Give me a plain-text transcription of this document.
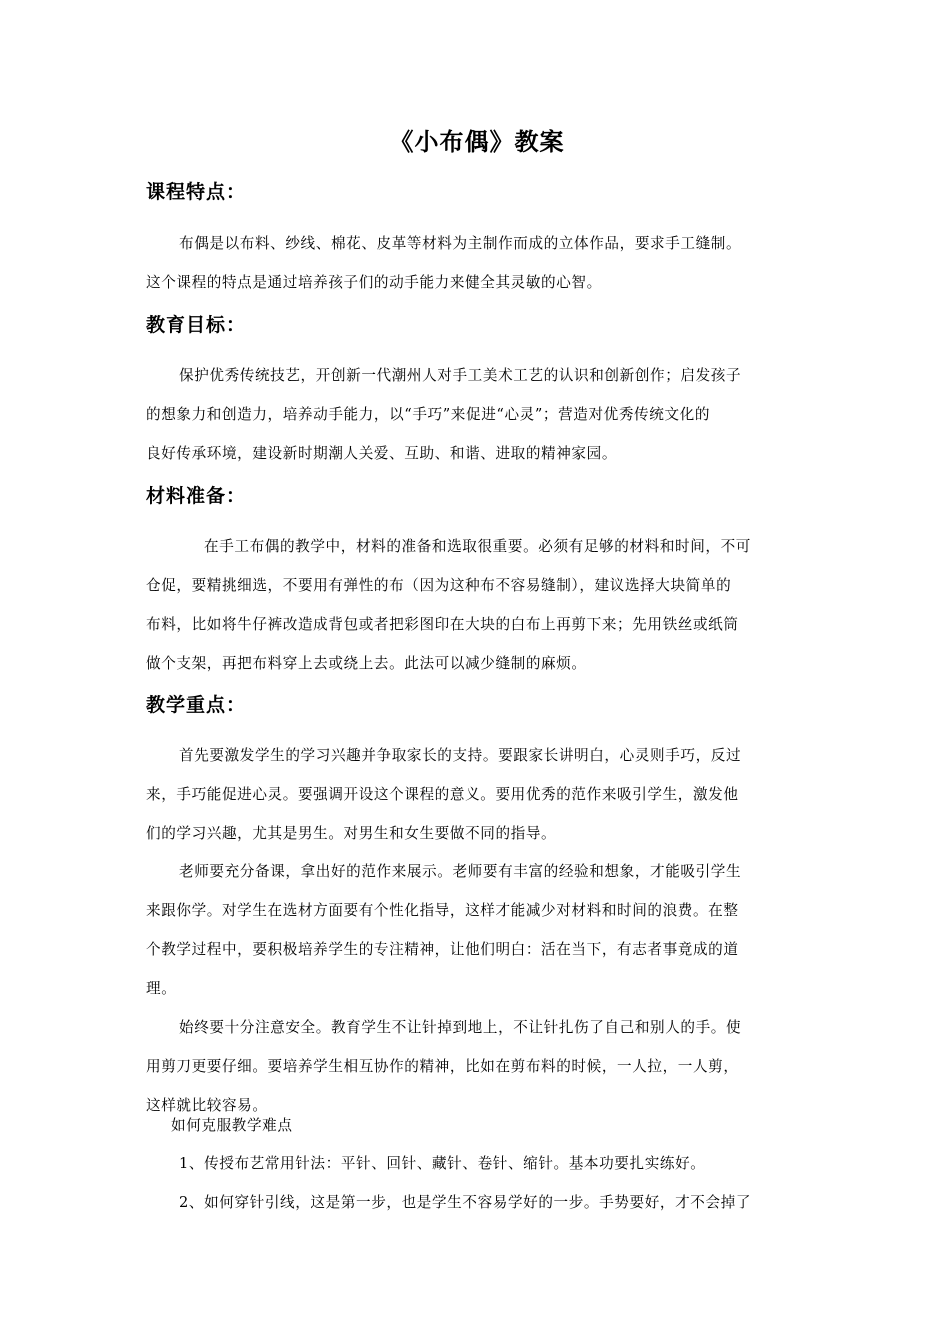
《小布偶》教案
课程特点：
布偶是以布料、纱线、棉花、皮革等材料为主制作而成的立体作品，要求手工缝制。
这个课程的特点是通过培养孩子们的动手能力来健全其灵敏的心智。
教育目标：
保护优秀传统技艺，开创新一代潮州人对手工美术工艺的认识和创新创作；启发孩子
的想象力和创造力，培养动手能力，以“手巧”来促进“心灵”；营造对优秀传统文化的
良好传承环境，建设新时期潮人关爱、互助、和谐、进取的精神家园。
材料准备：
在手工布偶的教学中，材料的准备和选取很重要。必须有足够的材料和时间，不可
仓促，要精挑细选，不要用有弹性的布（因为这种布不容易缝制），建议选择大块简单的
布料，比如将牛仔裤改造成背包或者把彩图印在大块的白布上再剪下来；先用铁丝或纸筒
做个支架，再把布料穿上去或绕上去。此法可以减少缝制的麻烦。
教学重点：
首先要激发学生的学习兴趣并争取家长的支持。要跟家长讲明白，心灵则手巧，反过
来，手巧能促进心灵。要强调开设这个课程的意义。要用优秀的范作来吸引学生，激发他
们的学习兴趣，尤其是男生。对男生和女生要做不同的指导。
老师要充分备课，拿出好的范作来展示。老师要有丰富的经验和想象，才能吸引学生
来跟你学。对学生在选材方面要有个性化指导，这样才能减少对材料和时间的浪费。在整
个教学过程中，要积极培养学生的专注精神，让他们明白：活在当下，有志者事竟成的道
理。
始终要十分注意安全。教育学生不让针掉到地上，不让针扎伤了自己和别人的手。使
用剪刀更要仔细。要培养学生相互协作的精神，比如在剪布料的时候，一人拉，一人剪，
这样就比较容易。
如何克服教学难点
1、传授布艺常用针法：平针、回针、藏针、卷针、缩针。基本功要扎实练好。
2、如何穿针引线，这是第一步，也是学生不容易学好的一步。手势要好，才不会掉了
